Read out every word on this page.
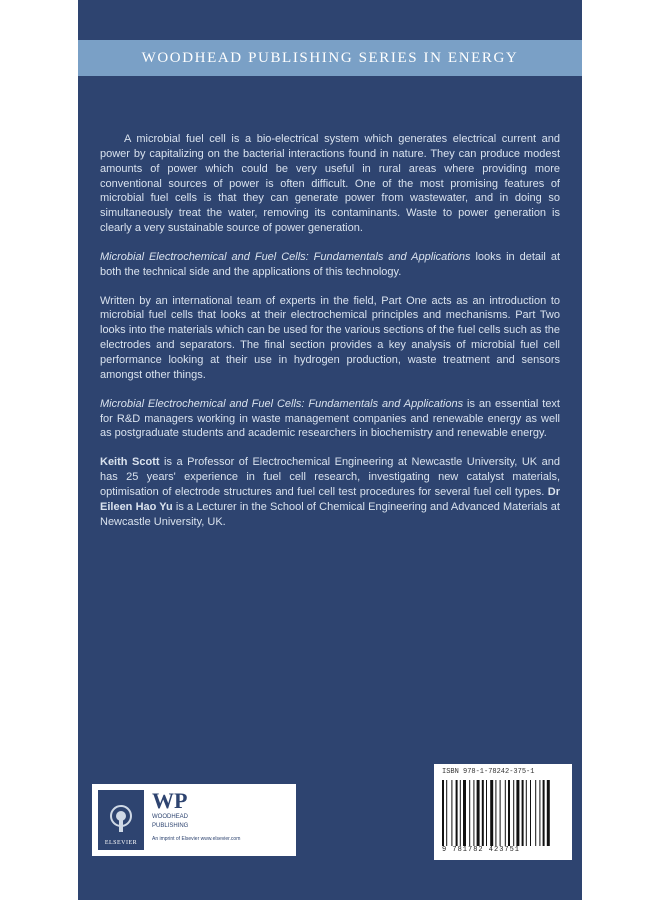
WOODHEAD PUBLISHING SERIES IN ENERGY

A microbial fuel cell is a bio-electrical system which generates electrical current and power by capitalizing on the bacterial interactions found in nature. They can produce modest amounts of power which could be very useful in rural areas where providing more conventional sources of power is often difficult. One of the most promising features of microbial fuel cells is that they can generate power from wastewater, and in doing so simultaneously treat the water, removing its contaminants. Waste to power generation is clearly a very sustainable source of power generation.

Microbial Electrochemical and Fuel Cells: Fundamentals and Applications looks in detail at both the technical side and the applications of this technology.

Written by an international team of experts in the field, Part One acts as an introduction to microbial fuel cells that looks at their electrochemical principles and mechanisms. Part Two looks into the materials which can be used for the various sections of the fuel cells such as the electrodes and separators. The final section provides a key analysis of microbial fuel cell performance looking at their use in hydrogen production, waste treatment and sensors amongst other things.

Microbial Electrochemical and Fuel Cells: Fundamentals and Applications is an essential text for R&D managers working in waste management companies and renewable energy as well as postgraduate students and academic researchers in biochemistry and renewable energy.

Keith Scott is a Professor of Electrochemical Engineering at Newcastle University, UK and has 25 years' experience in fuel cell research, investigating new catalyst materials, optimisation of electrode structures and fuel cell test procedures for several fuel cell types. Dr Eileen Hao Yu is a Lecturer in the School of Chemical Engineering and Advanced Materials at Newcastle University, UK.

ELSEVIER
WP
WOODHEAD
PUBLISHING
An imprint of Elsevier www.elsevier.com
ISBN 978-1-78242-375-1
9 781782 423751
